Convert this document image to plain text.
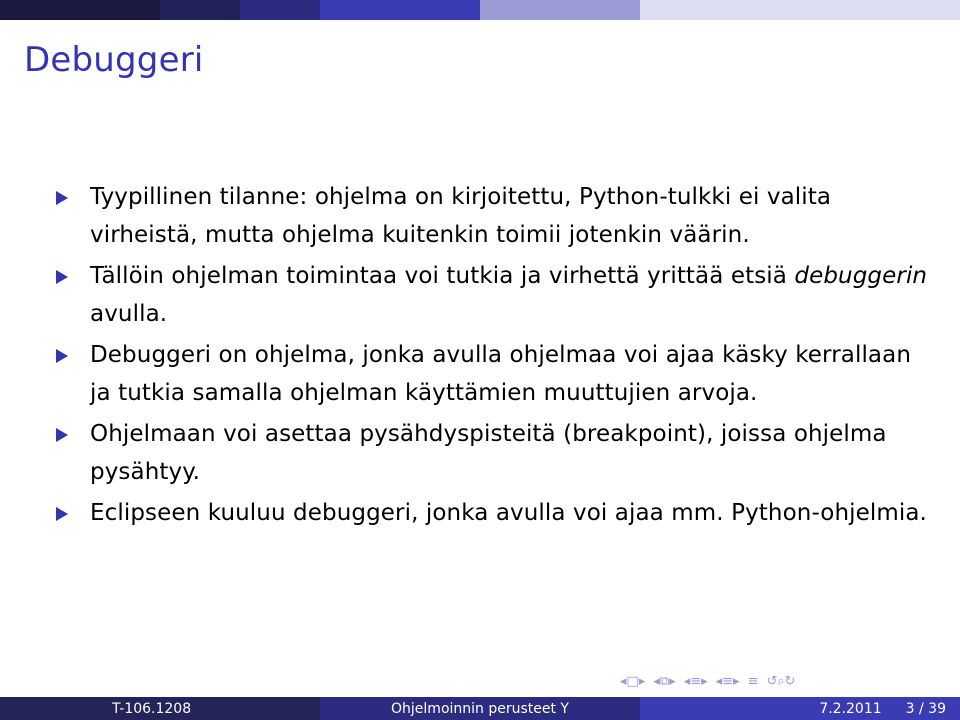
Debuggeri
Tyypillinen tilanne: ohjelma on kirjoitettu, Python-tulkki ei valita virheistä, mutta ohjelma kuitenkin toimii jotenkin väärin.
Tällöin ohjelman toimintaa voi tutkia ja virhettä yrittää etsiä debuggerin avulla.
Debuggeri on ohjelma, jonka avulla ohjelmaa voi ajaa käsky kerrallaan ja tutkia samalla ohjelman käyttämien muuttujien arvoja.
Ohjelmaan voi asettaa pysähdyspisteitä (breakpoint), joissa ohjelma pysähtyy.
Eclipseen kuuluu debuggeri, jonka avulla voi ajaa mm. Python-ohjelmia.
◂□▸ ◂⧉▸ ◂≡▸ ◂≡▸ ≡ ↺⌕↻
T-106.1208	Ohjelmoinnin perusteet Y	7.2.2011 3 / 39
